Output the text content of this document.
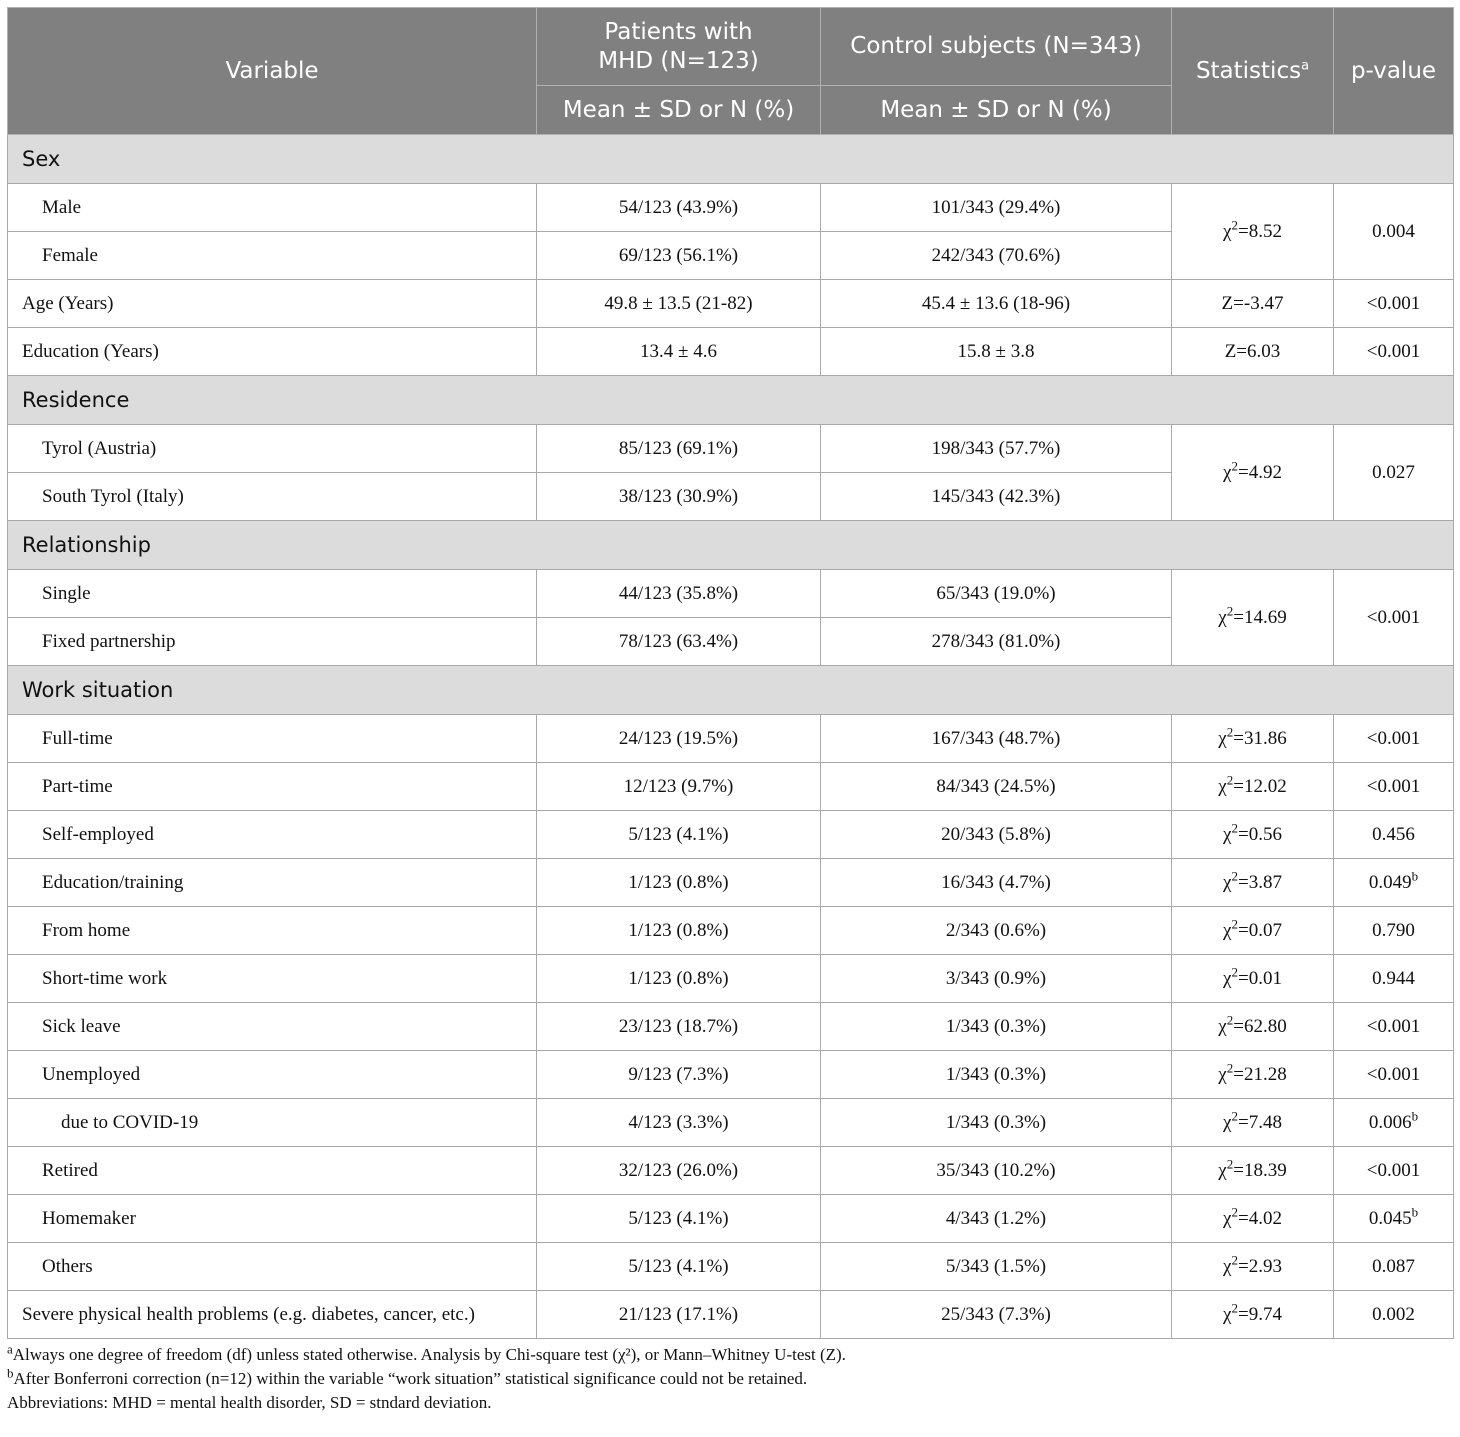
Variable	Patients with MHD (N=123)	Control subjects (N=343)	Statistics$^a$	p-value
	Mean ± SD or N (%)	Mean ± SD or N (%)		
Sex				
Male	54/123 (43.9%)	101/343 (29.4%)	$\chi^2=8.52$	0.004
Female	69/123 (56.1%)	242/343 (70.6%)		
Age (Years)	49.8 ± 13.5 (21-82)	45.4 ± 13.6 (18-96)	Z=-3.47	<0.001
Education (Years)	13.4 ± 4.6	15.8 ± 3.8	Z=6.03	<0.001
Residence				
Tyrol (Austria)	85/123 (69.1%)	198/343 (57.7%)	$\chi^2=4.92$	0.027
South Tyrol (Italy)	38/123 (30.9%)	145/343 (42.3%)		
Relationship				
Single	44/123 (35.8%)	65/343 (19.0%)	$\chi^2=14.69$	<0.001
Fixed partnership	78/123 (63.4%)	278/343 (81.0%)		
Work situation				
Full-time	24/123 (19.5%)	167/343 (48.7%)	$\chi^2=31.86$	<0.001
Part-time	12/123 (9.7%)	84/343 (24.5%)	$\chi^2=12.02$	<0.001
Self-employed	5/123 (4.1%)	20/343 (5.8%)	$\chi^2=0.56$	0.456
Education/training	1/123 (0.8%)	16/343 (4.7%)	$\chi^2=3.87$	0.049$^b$
From home	1/123 (0.8%)	2/343 (0.6%)	$\chi^2=0.07$	0.790
Short-time work	1/123 (0.8%)	3/343 (0.9%)	$\chi^2=0.01$	0.944
Sick leave	23/123 (18.7%)	1/343 (0.3%)	$\chi^2=62.80$	<0.001
Unemployed	9/123 (7.3%)	1/343 (0.3%)	$\chi^2=21.28$	<0.001
due to COVID-19	4/123 (3.3%)	1/343 (0.3%)	$\chi^2=7.48$	0.006$^b$
Retired	32/123 (26.0%)	35/343 (10.2%)	$\chi^2=18.39$	<0.001
Homemaker	5/123 (4.1%)	4/343 (1.2%)	$\chi^2=4.02$	0.045$^b$
Others	5/123 (4.1%)	5/343 (1.5%)	$\chi^2=2.93$	0.087
Severe physical health problems (e.g. diabetes, cancer, etc.)	21/123 (17.1%)	25/343 (7.3%)	$\chi^2=9.74$	0.002
$^a$Always one degree of freedom (df) unless stated otherwise. Analysis by Chi-square test (χ²), or Mann–Whitney U-test (Z).
$^b$After Bonferroni correction (n=12) within the variable “work situation” statistical significance could not be retained.
Abbreviations: MHD = mental health disorder, SD = stndard deviation.
